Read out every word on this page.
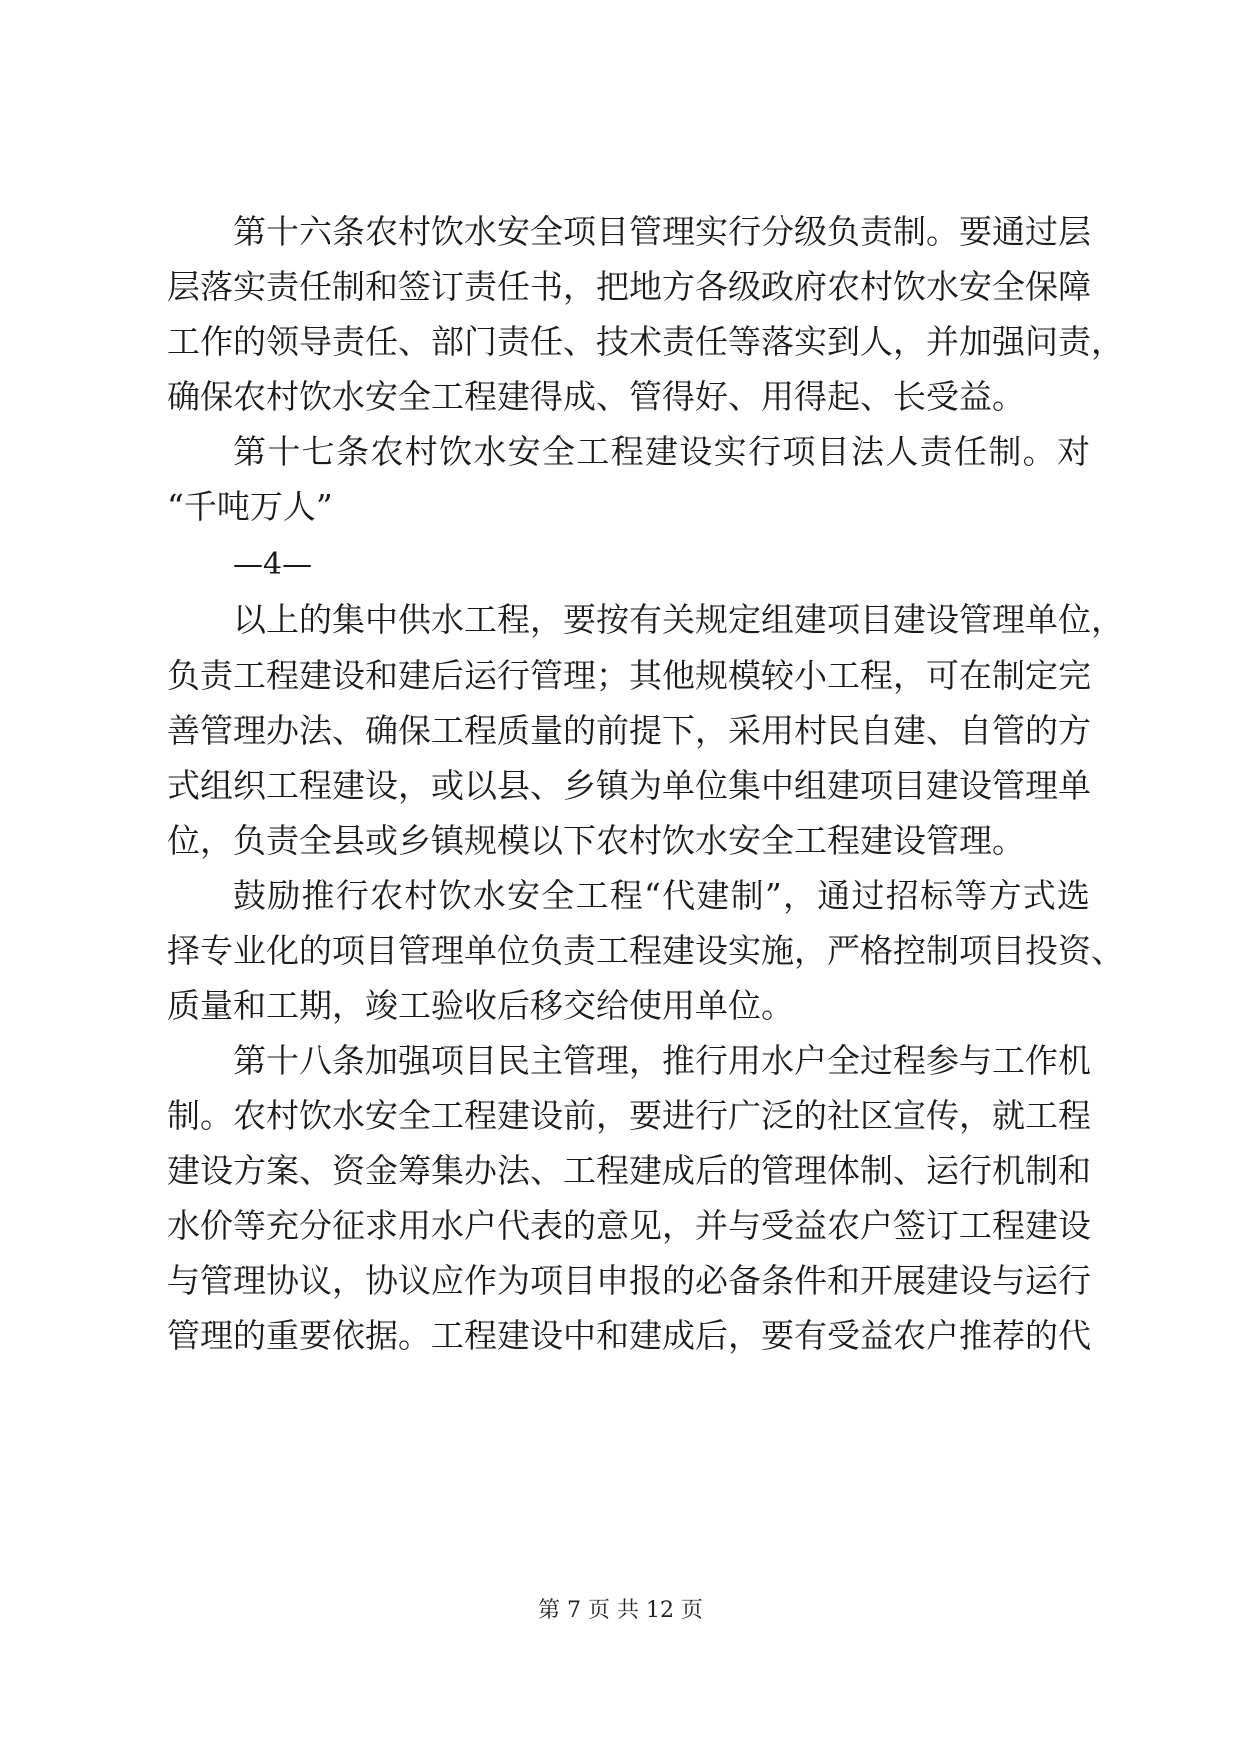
第十六条农村饮水安全项目管理实行分级负责制。要通过层
层落实责任制和签订责任书，把地方各级政府农村饮水安全保障
工作的领导责任、部门责任、技术责任等落实到人，并加强问责，
确保农村饮水安全工程建得成、管得好、用得起、长受益。
第十七条农村饮水安全工程建设实行项目法人责任制。对
“千吨万人”
—4—
以上的集中供水工程，要按有关规定组建项目建设管理单位，
负责工程建设和建后运行管理；其他规模较小工程，可在制定完
善管理办法、确保工程质量的前提下，采用村民自建、自管的方
式组织工程建设，或以县、乡镇为单位集中组建项目建设管理单
位，负责全县或乡镇规模以下农村饮水安全工程建设管理。
鼓励推行农村饮水安全工程“代建制”，通过招标等方式选
择专业化的项目管理单位负责工程建设实施，严格控制项目投资、
质量和工期，竣工验收后移交给使用单位。
第十八条加强项目民主管理，推行用水户全过程参与工作机
制。农村饮水安全工程建设前，要进行广泛的社区宣传，就工程
建设方案、资金筹集办法、工程建成后的管理体制、运行机制和
水价等充分征求用水户代表的意见，并与受益农户签订工程建设
与管理协议，协议应作为项目申报的必备条件和开展建设与运行
管理的重要依据。工程建设中和建成后，要有受益农户推荐的代
第 7 页 共 12 页
